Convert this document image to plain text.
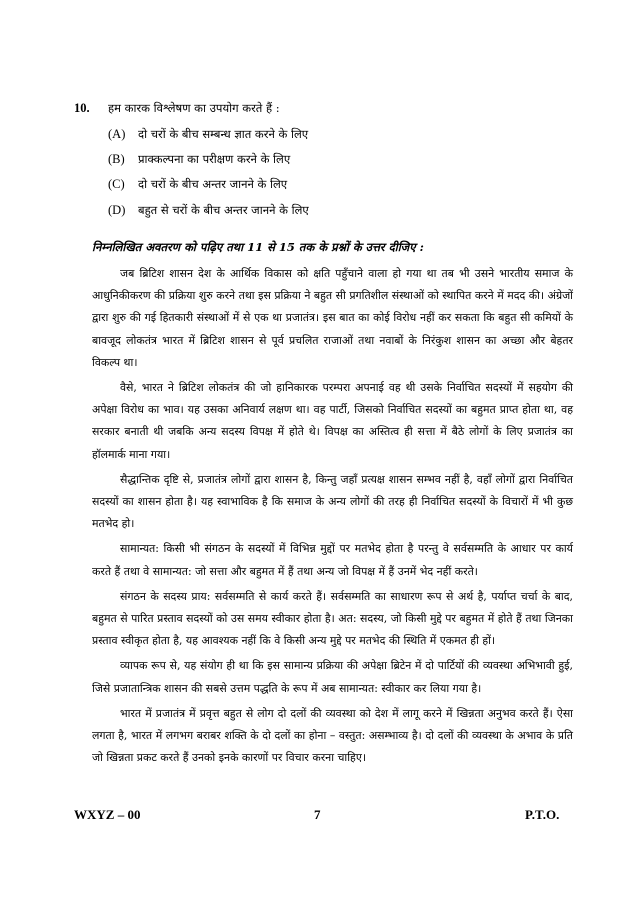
10. हम कारक विश्लेषण का उपयोग करते हैं :
(A) दो चरों के बीच सम्बन्ध ज्ञात करने के लिए
(B) प्राक्कल्पना का परीक्षण करने के लिए
(C) दो चरों के बीच अन्तर जानने के लिए
(D) बहुत से चरों के बीच अन्तर जानने के लिए
निम्नलिखित अवतरण को पढ़िए तथा 11 से 15 तक के प्रश्नों के उत्तर दीजिए :

जब ब्रिटिश शासन देश के आर्थिक विकास को क्षति पहुँचाने वाला हो गया था तब भी उसने भारतीय समाज के आधुनिकीकरण की प्रक्रिया शुरु करने तथा इस प्रक्रिया ने बहुत सी प्रगतिशील संस्थाओं को स्थापित करने में मदद की। अंग्रेजों द्वारा शुरु की गई हितकारी संस्थाओं में से एक था प्रजातंत्र। इस बात का कोई विरोध नहीं कर सकता कि बहुत सी कमियों के बावजूद लोकतंत्र भारत में ब्रिटिश शासन से पूर्व प्रचलित राजाओं तथा नवाबों के निरंकुश शासन का अच्छा और बेहतर विकल्प था।

वैसे, भारत ने ब्रिटिश लोकतंत्र की जो हानिकारक परम्परा अपनाई वह थी उसके निर्वाचित सदस्यों में सहयोग की अपेक्षा विरोध का भाव। यह उसका अनिवार्य लक्षण था। वह पार्टी, जिसको निर्वाचित सदस्यों का बहुमत प्राप्त होता था, वह सरकार बनाती थी जबकि अन्य सदस्य विपक्ष में होते थे। विपक्ष का अस्तित्व ही सत्ता में बैठे लोगों के लिए प्रजातंत्र का हॉलमार्क माना गया।

सैद्धान्तिक दृष्टि से, प्रजातंत्र लोगों द्वारा शासन है, किन्तु जहाँ प्रत्यक्ष शासन सम्भव नहीं है, वहाँ लोगों द्वारा निर्वाचित सदस्यों का शासन होता है। यह स्वाभाविक है कि समाज के अन्य लोगों की तरह ही निर्वाचित सदस्यों के विचारों में भी कुछ मतभेद हो।

सामान्यत: किसी भी संगठन के सदस्यों में विभिन्न मुद्दों पर मतभेद होता है परन्तु वे सर्वसम्मति के आधार पर कार्य करते हैं तथा वे सामान्यत: जो सत्ता और बहुमत में हैं तथा अन्य जो विपक्ष में हैं उनमें भेद नहीं करते।

संगठन के सदस्य प्राय: सर्वसम्मति से कार्य करते हैं। सर्वसम्मति का साधारण रूप से अर्थ है, पर्याप्त चर्चा के बाद, बहुमत से पारित प्रस्ताव सदस्यों को उस समय स्वीकार होता है। अत: सदस्य, जो किसी मुद्दे पर बहुमत में होते हैं तथा जिनका प्रस्ताव स्वीकृत होता है, यह आवश्यक नहीं कि वे किसी अन्य मुद्दे पर मतभेद की स्थिति में एकमत ही हों।

व्यापक रूप से, यह संयोग ही था कि इस सामान्य प्रक्रिया की अपेक्षा ब्रिटेन में दो पार्टियों की व्यवस्था अभिभावी हुई, जिसे प्रजातान्त्रिक शासन की सबसे उत्तम पद्धति के रूप में अब सामान्यत: स्वीकार कर लिया गया है।

भारत में प्रजातंत्र में प्रवृत्त बहुत से लोग दो दलों की व्यवस्था को देश में लागू करने में खिन्नता अनुभव करते हैं। ऐसा लगता है, भारत में लगभग बराबर शक्ति के दो दलों का होना – वस्तुत: असम्भाव्य है। दो दलों की व्यवस्था के अभाव के प्रति जो खिन्नता प्रकट करते हैं उनको इनके कारणों पर विचार करना चाहिए।

WXYZ – 00	7	P.T.O.
